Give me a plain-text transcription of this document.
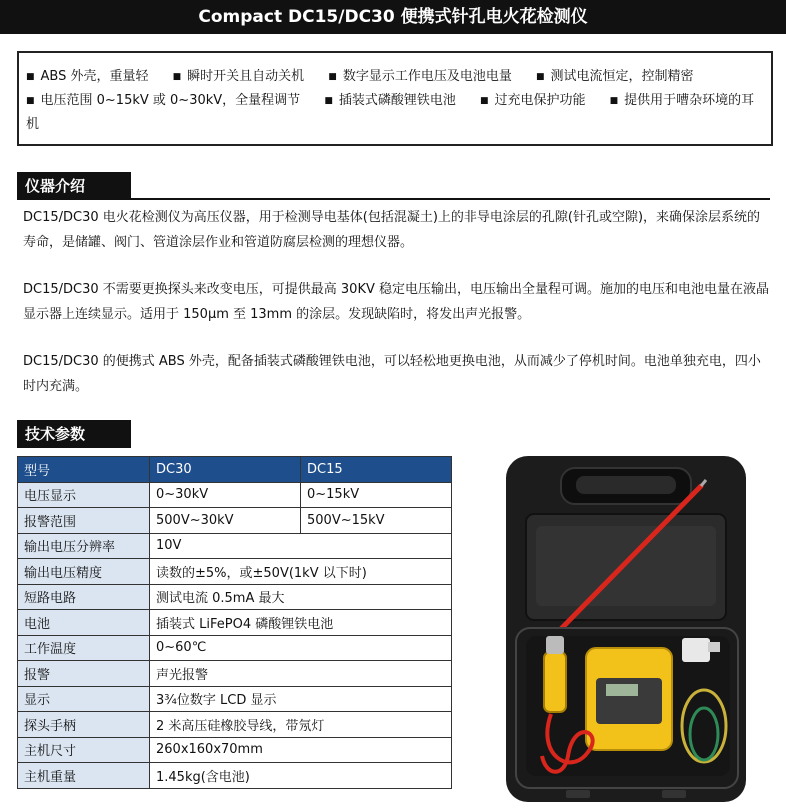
Compact DC15/DC30 便携式针孔电火花检测仪
■ ABS 外壳，重量轻	■ 瞬时开关且自动关机	■ 数字显示工作电压及电池电量	■ 测试电流恒定，控制精密
■ 电压范围 0~15kV 或 0~30kV，全量程调节	■ 插装式磷酸锂铁电池	■ 过充电保护功能	■ 提供用于嘈杂环境的耳机
仪器介绍
DC15/DC30 电火花检测仪为高压仪器，用于检测导电基体(包括混凝土)上的非导电涂层的孔隙(针孔或空隙)，来确保涂层系统的寿命，是储罐、阀门、管道涂层作业和管道防腐层检测的理想仪器。
DC15/DC30 不需要更换探头来改变电压，可提供最高 30KV 稳定电压输出，电压输出全量程可调。施加的电压和电池电量在液晶显示器上连续显示。适用于 150μm 至 13mm 的涂层。发现缺陷时，将发出声光报警。
DC15/DC30 的便携式 ABS 外壳，配备插装式磷酸锂铁电池，可以轻松地更换电池，从而减少了停机时间。电池单独充电，四小时内充满。
技术参数
型号	DC30	DC15
电压显示	0~30kV	0~15kV
报警范围	500V~30kV	500V~15kV
输出电压分辨率	10V	
输出电压精度	读数的±5%，或±50V(1kV 以下时)	
短路电路	测试电流 0.5mA 最大	
电池	插装式 LiFePO4 磷酸锂铁电池	
工作温度	0~60℃	
报警	声光报警	
显示	3¾位数字 LCD 显示	
探头手柄	2 米高压硅橡胶导线，带氖灯	
主机尺寸	260x160x70mm	
主机重量	1.45kg(含电池)	
